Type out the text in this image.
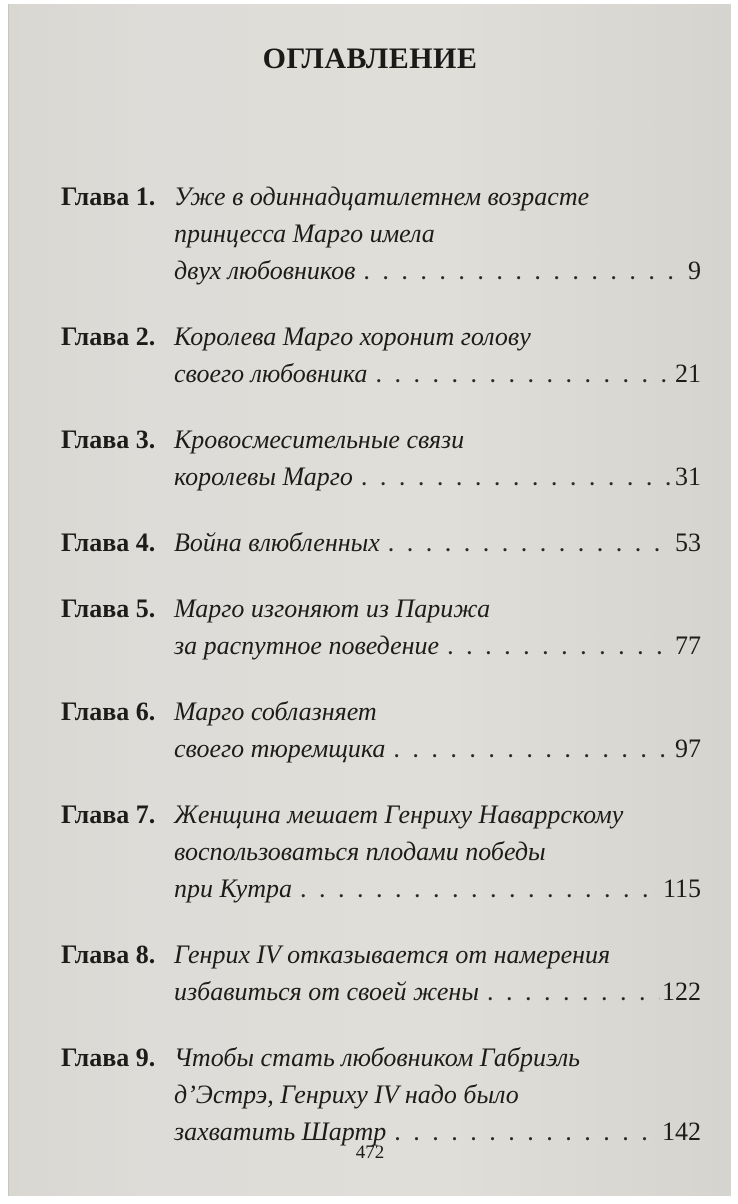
ОГЛАВЛЕНИЕ
Глава 1. Уже в одиннадцатилетнем возрасте
принцесса Марго имела
двух любовников . . .	9
Глава 2. Королева Марго хоронит голову
своего любовника . . .	21
Глава 3. Кровосмесительные связи
королевы Марго . . .	31
Глава 4. Война влюбленных . . .	53
Глава 5. Марго изгоняют из Парижа
за распутное поведение . . .	77
Глава 6. Марго соблазняет
своего тюремщика . . .	97
Глава 7. Женщина мешает Генриху Наваррскому
воспользоваться плодами победы
при Кутра . . .	115
Глава 8. Генрих IV отказывается от намерения
избавиться от своей жены . . .	122
Глава 9. Чтобы стать любовником Габриэль
д’Эстрэ, Генриху IV надо было
захватить Шартр . . .	142
472
